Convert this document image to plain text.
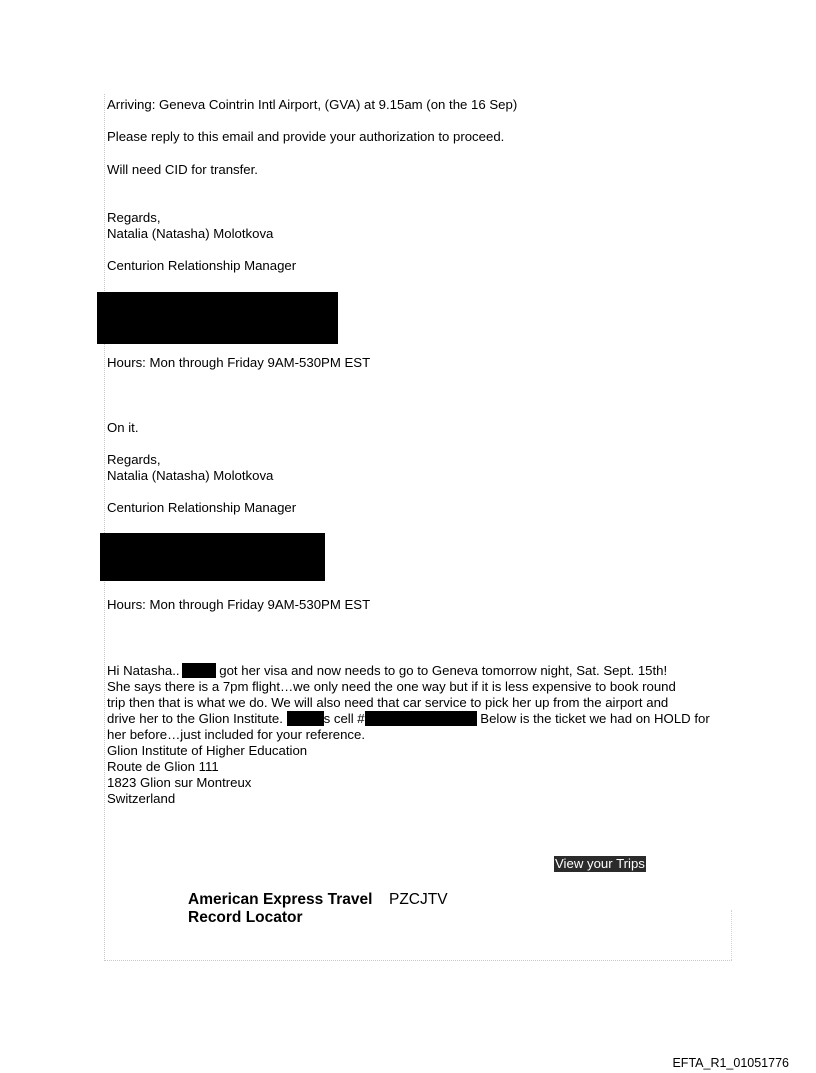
Arriving: Geneva Cointrin Intl Airport, (GVA) at 9.15am (on the 16 Sep)
Please reply to this email and provide your authorization to proceed.
Will need CID for transfer.
Regards,
Natalia (Natasha) Molotkova
Centurion Relationship Manager
Hours: Mon through Friday 9AM-530PM EST
On it.
Regards,
Natalia (Natasha) Molotkova
Centurion Relationship Manager
Hours: Mon through Friday 9AM-530PM EST
Hi Natasha..	got her visa and now needs to go to Geneva tomorrow night, Sat. Sept. 15th!
She says there is a 7pm flight…we only need the one way but if it is less expensive to book round
trip then that is what we do. We will also need that car service to pick her up from the airport and
drive her to the Glion Institute.	s cell #	Below is the ticket we had on HOLD for
her before…just included for your reference.
Glion Institute of Higher Education
Route de Glion 111
1823 Glion sur Montreux
Switzerland
View your Trips
American Express Travel
Record Locator
PZCJTV
EFTA_R1_01051776
